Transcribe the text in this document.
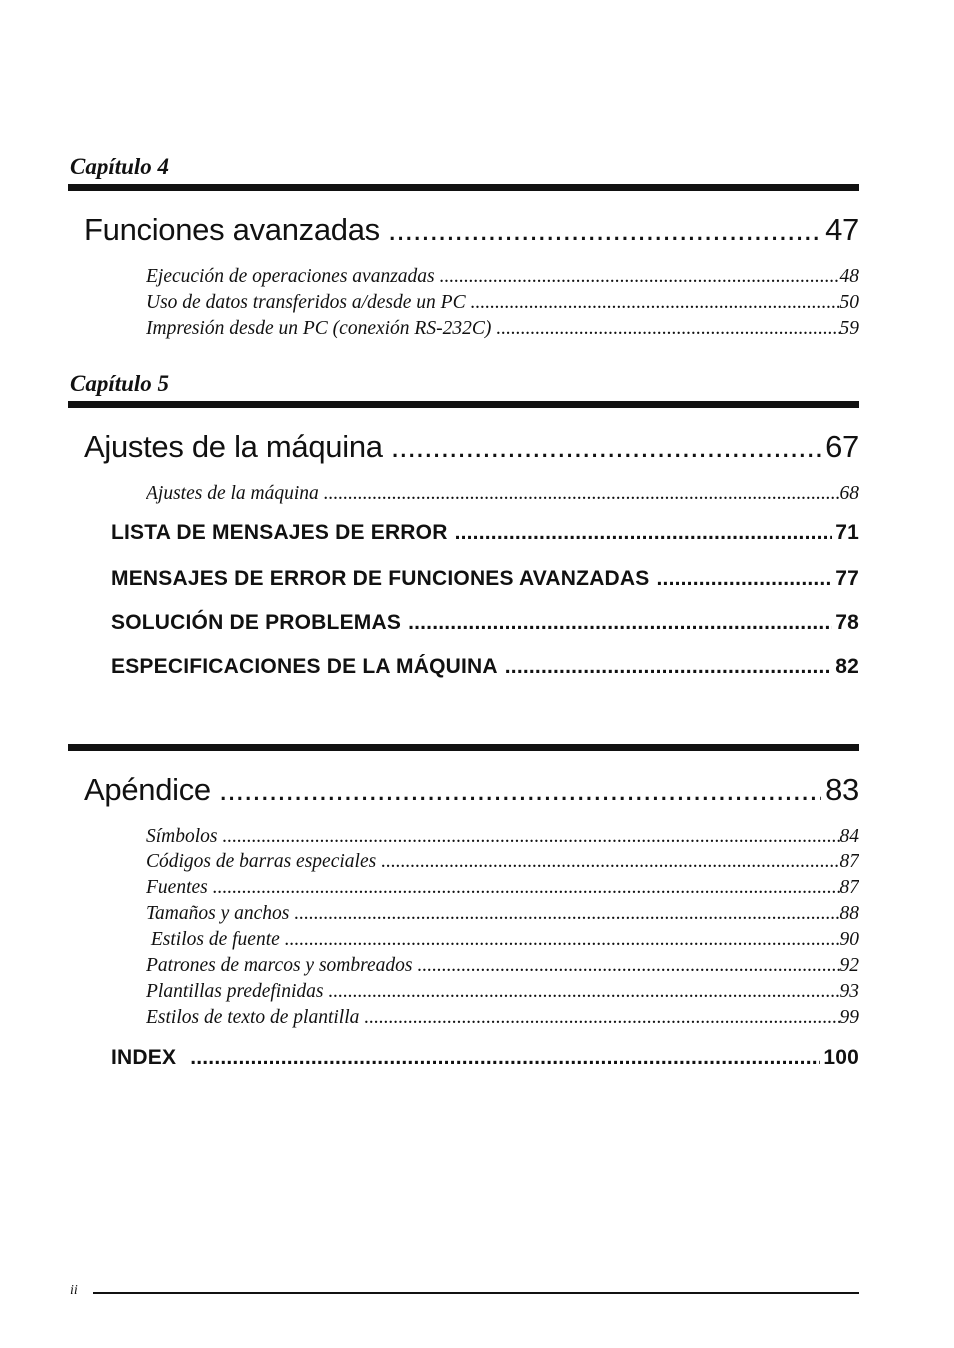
Capítulo 4
Funciones avanzadas .....	47
Ejecución de operaciones avanzadas .....	48
Uso de datos transferidos a/desde un PC .....	50
Impresión desde un PC (conexión RS-232C) .....	59
Capítulo 5
Ajustes de la máquina .....	67
Ajustes de la máquina .....	68
LISTA DE MENSAJES DE ERROR .....	71
MENSAJES DE ERROR DE FUNCIONES AVANZADAS .....	77
SOLUCIÓN DE PROBLEMAS .....	78
ESPECIFICACIONES DE LA MÁQUINA .....	82
Apéndice .....	83
Símbolos .....	84
Códigos de barras especiales .....	87
Fuentes .....	87
Tamaños y anchos .....	88
Estilos de fuente .....	90
Patrones de marcos y sombreados .....	92
Plantillas predefinidas .....	93
Estilos de texto de plantilla .....	99
INDEX .....	100
ii
